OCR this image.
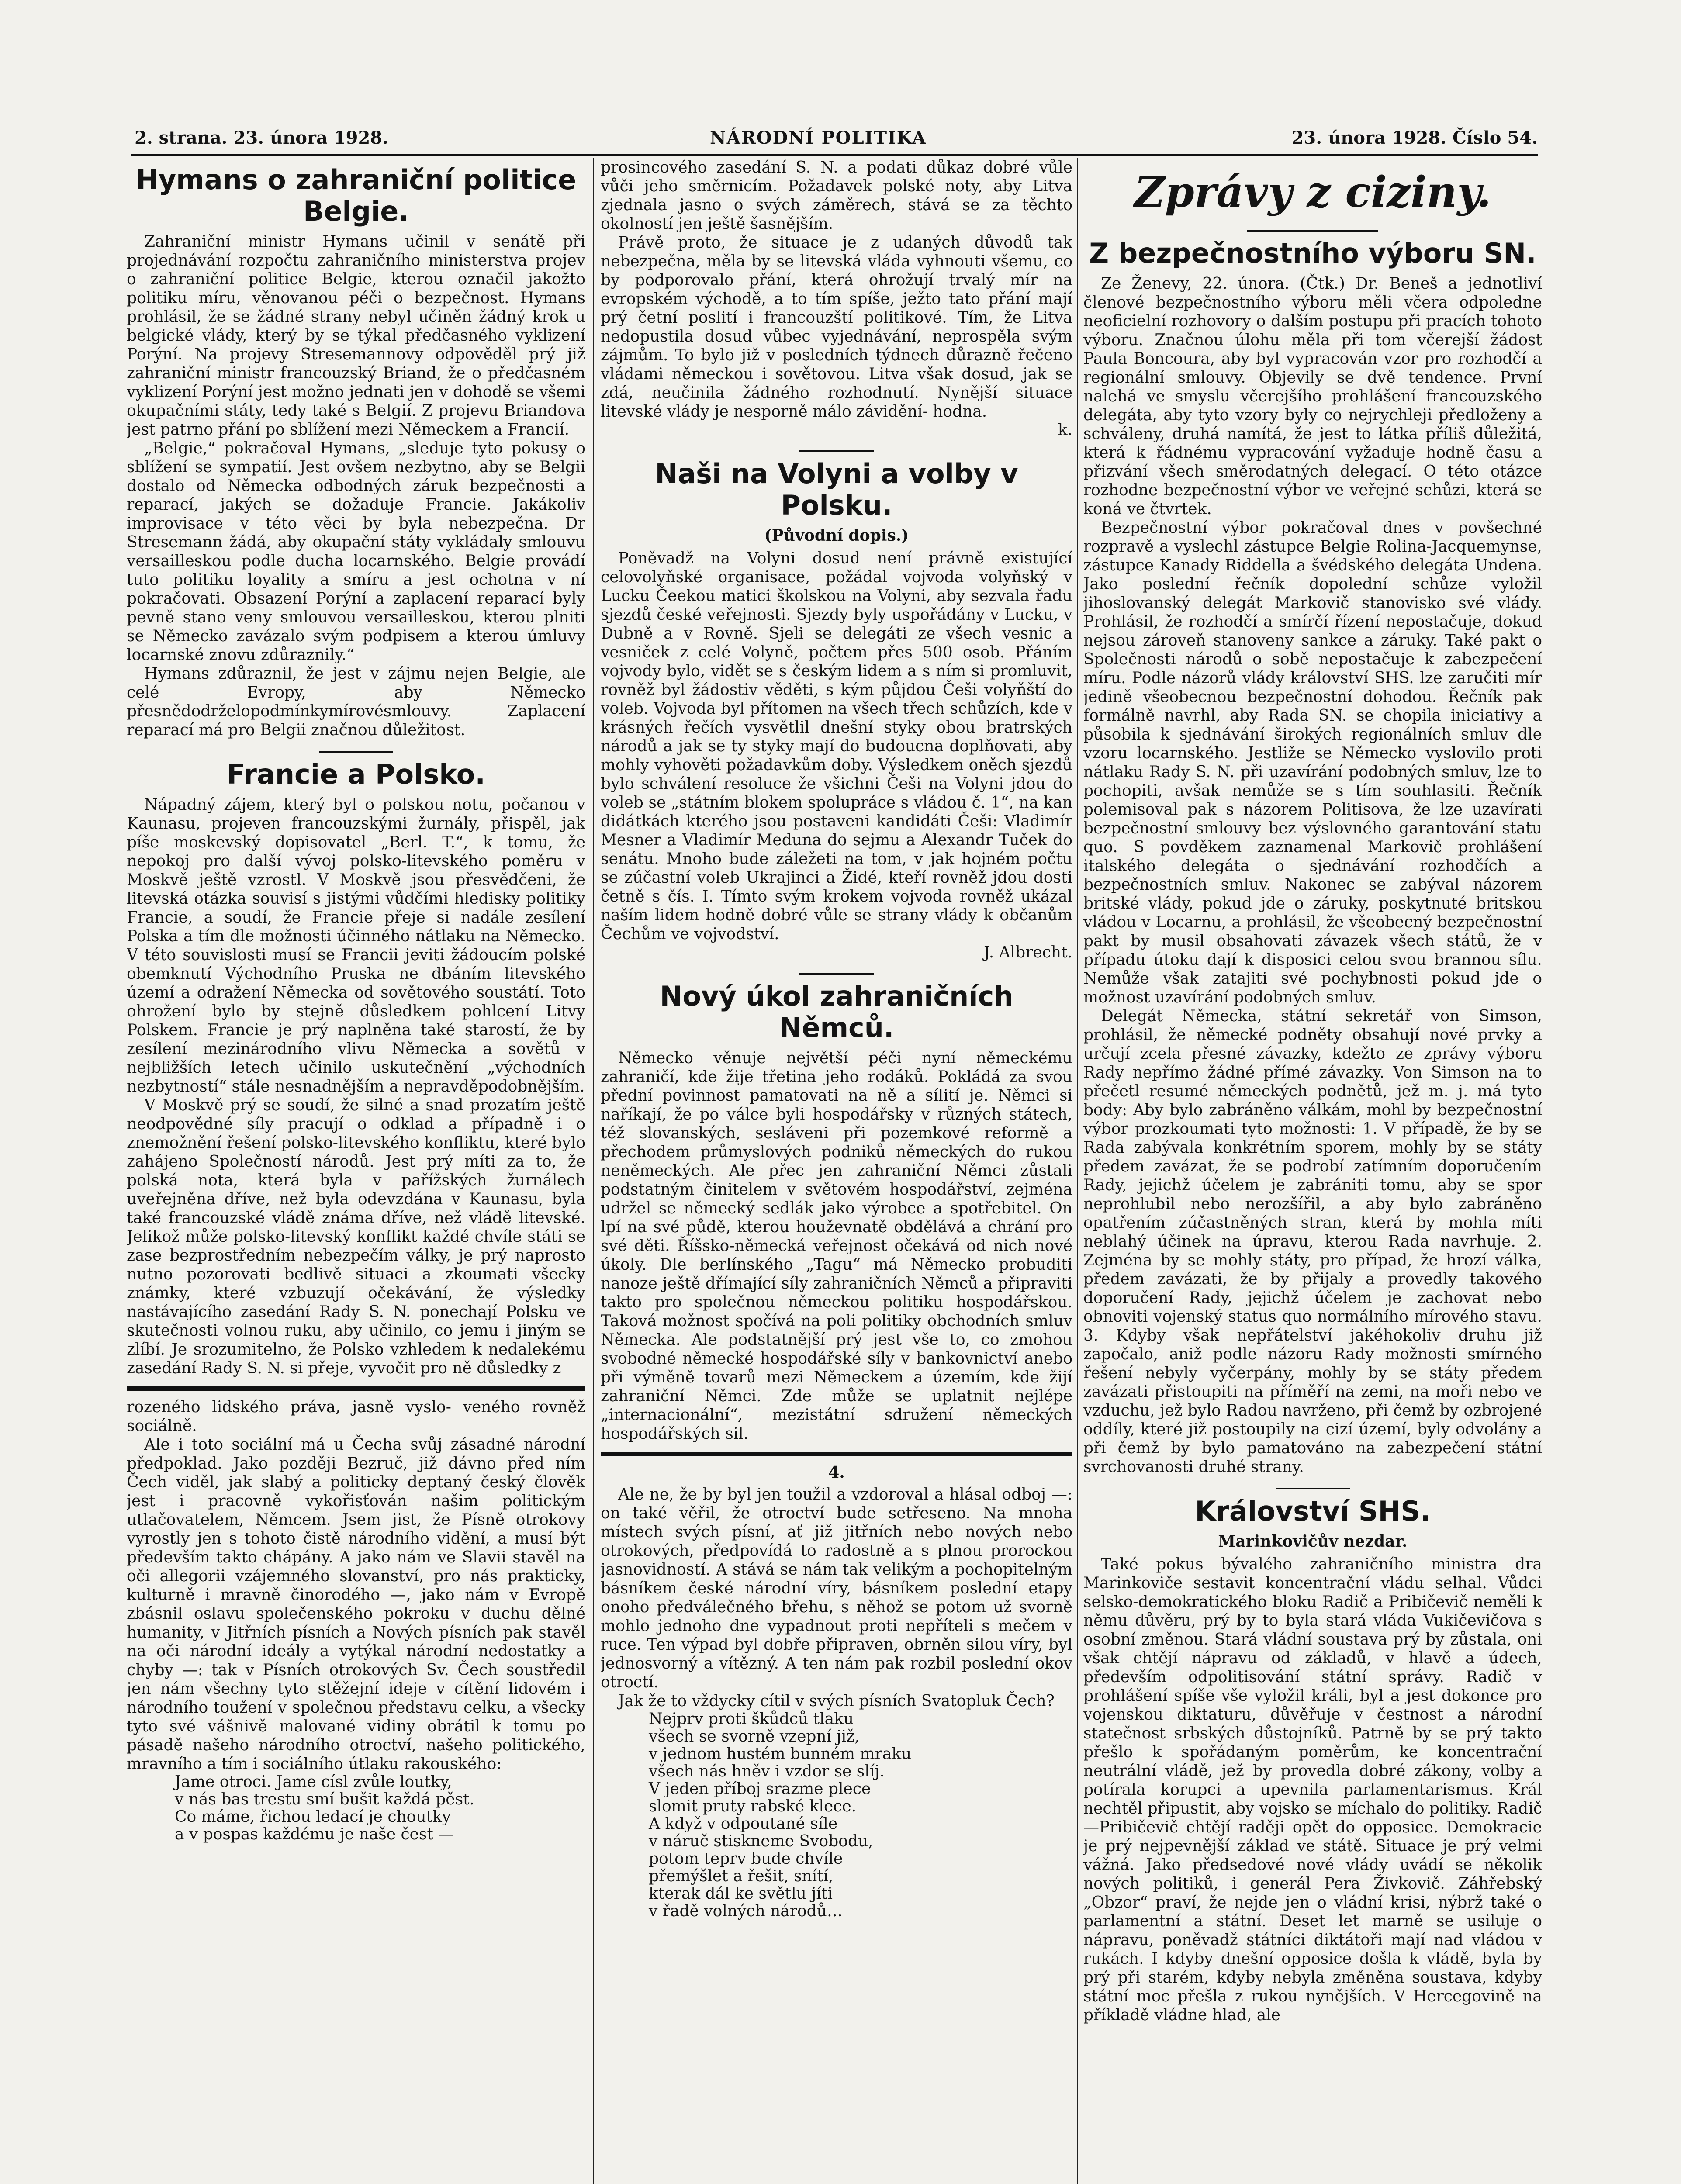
2. strana. 23. února 1928.	NÁRODNÍ POLITIKA	23. února 1928. Číslo 54.
Hymans o zahraniční politice Belgie.

Zahraniční ministr Hymans učinil v senátě při projednávání rozpočtu zahraničního ministerstva projev o zahraniční politice Belgie, kterou označil jakožto politiku míru, věnovanou péči o bezpečnost. Hymans prohlásil, že se žádné strany nebyl učiněn žádný krok u belgické vlády, který by se týkal předčasného vyklizení Porýní. Na projevy Stresemannovy odpověděl prý již zahraniční ministr francouzský Briand, že o předčasném vyklizení Porýní jest možno jednati jen v dohodě se všemi okupačními státy, tedy také s Belgií. Z projevu Briandova jest patrno přání po sblížení mezi Německem a Francií.

„Belgie,“ pokračoval Hymans, „sleduje tyto pokusy o sblížení se sympatií. Jest ovšem nezbytno, aby se Belgii dostalo od Německa odbodných záruk bezpečnosti a reparací, jakých se dožaduje Francie. Jakákoliv improvisace v této věci by byla nebezpečna. Dr Stresemann žádá, aby okupační státy vykládaly smlouvu versailleskou podle ducha locarnského. Belgie provádí tuto politiku loyality a smíru a jest ochotna v ní pokračovati. Obsazení Porýní a zaplacení reparací byly pevně stano veny smlouvou versailleskou, kterou plniti se Německo zavázalo svým podpisem a kterou úmluvy locarnské znovu zdůraznily.“

Hymans zdůraznil, že jest v zájmu nejen Belgie, ale celé Evropy, aby Německo přesnědodrželopodmínkymírovésmlouvy. Zaplacení reparací má pro Belgii značnou důležitost.

Francie a Polsko.

Nápadný zájem, který byl o polskou notu, počanou v Kaunasu, projeven francouzskými žurnály, přispěl, jak píše moskevský dopisovatel „Berl. T.“, k tomu, že nepokoj pro další vývoj polsko-litevského poměru v Moskvě ještě vzrostl. V Moskvě jsou přesvědčeni, že litevská otázka souvisí s jistými vůdčími hledisky politiky Francie, a soudí, že Francie přeje si nadále zesílení Polska a tím dle možnosti účinného nátlaku na Německo. V této souvislosti musí se Francii jeviti žádoucím polské obemknutí Východního Pruska ne dbáním litevského území a odražení Německa od sovětového soustátí. Toto ohrožení bylo by stejně důsledkem pohlcení Litvy Polskem. Francie je prý naplněna také starostí, že by zesílení mezinárodního vlivu Německa a sovětů v nejbližších letech učinilo uskutečnění „východních nezbytností“ stále nesnadnějším a nepravděpodobnějším.

V Moskvě prý se soudí, že silné a snad prozatím ještě neodpovědné síly pracují o odklad a případně i o znemožnění řešení polsko-litevského konfliktu, které bylo zahájeno Společností národů. Jest prý míti za to, že polská nota, která byla v pařížských žurnálech uveřejněna dříve, než byla odevzdána v Kaunasu, byla také francouzské vládě známa dříve, než vládě litevské. Jelikož může polsko-litevský konflikt každé chvíle státi se zase bezprostředním nebezpečím války, je prý naprosto nutno pozorovati bedlivě situaci a zkoumati všecky známky, které vzbuzují očekávání, že výsledky nastávajícího zasedání Rady S. N. ponechají Polsku ve skutečnosti volnou ruku, aby učinilo, co jemu i jiným se zlíbí. Je srozumitelno, že Polsko vzhledem k nedalekému zasedání Rady S. N. si přeje, vyvočit pro ně důsledky z

rozeného lidského práva, jasně vyslo- veného rovněž sociálně.

Ale i toto sociální má u Čecha svůj zásadné národní předpoklad. Jako později Bezruč, již dávno před ním Čech viděl, jak slabý a politicky deptaný český člověk jest i pracovně vykořisťován našim politickým utlačovatelem, Němcem. Jsem jist, že Písně otrokovy vyrostly jen s tohoto čistě národního vidění, a musí být především takto chápány. A jako nám ve Slavii stavěl na oči allegorii vzájemného slovanství, pro nás prakticky, kulturně i mravně činorodého —, jako nám v Evropě zbásnil oslavu společenského pokroku v duchu dělné humanity, v Jitřních písních a Nových písních pak stavěl na oči národní ideály a vytýkal národní nedostatky a chyby —: tak v Písních otrokových Sv. Čech soustředil jen nám všechny tyto stěžejní ideje v cítění lidovém i národního toužení v společnou představu celku, a všecky tyto své vášnivě malované vidiny obrátil k tomu po pásadě našeho národního otroctví, našeho politického, mravního a tím i sociálního útlaku rakouského:

Jame otroci. Jame císl zvůle loutky,

v nás bas trestu smí bušit každá pěst.

Co máme, řichou ledací je choutky

a v pospas každému je naše čest —

prosincového zasedání S. N. a podati důkaz dobré vůle vůči jeho směrnicím. Požadavek polské noty, aby Litva zjednala jasno o svých záměrech, stává se za těchto okolností jen ještě šasnějším.

Právě proto, že situace je z udaných důvodů tak nebezpečna, měla by se litevská vláda vyhnouti všemu, co by podporovalo přání, která ohrožují trvalý mír na evropském východě, a to tím spíše, ježto tato přání mají prý četní poslití i francouzští politikové. Tím, že Litva nedopustila dosud vůbec vyjednávání, neprospěla svým zájmům. To bylo již v posledních týdnech důrazně řečeno vládami německou i sovětovou. Litva však dosud, jak se zdá, neučinila žádného rozhodnutí. Nynější situace litevské vlády je nesporně málo závidění- hodna.

k.
Naši na Volyni a volby v Polsku.
(Původní dopis.)

Poněvadž na Volyni dosud není právně existující celovolyňské organisace, požádal vojvoda volyňský v Lucku Čeekou matici školskou na Volyni, aby sezvala řadu sjezdů české veřejnosti. Sjezdy byly uspořádány v Lucku, v Dubně a v Rovně. Sjeli se delegáti ze všech vesnic a vesniček z celé Volyně, počtem přes 500 osob. Přáním vojvody bylo, vidět se s českým lidem a s ním si promluvit, rovněž byl žádostiv věděti, s kým půjdou Češi volyňští do voleb. Vojvoda byl přítomen na všech třech schůzích, kde v krásných řečích vysvětlil dnešní styky obou bratrských národů a jak se ty styky mají do budoucna doplňovati, aby mohly vyhověti požadavkům doby. Výsledkem oněch sjezdů bylo schválení resoluce že všichni Češi na Volyni jdou do voleb se „státním blokem spolupráce s vládou č. 1“, na kan didátkách kterého jsou postaveni kandidáti Češi: Vladimír Mesner a Vladimír Meduna do sejmu a Alexandr Tuček do senátu. Mnoho bude záležeti na tom, v jak hojném počtu se zúčastní voleb Ukrajinci a Židé, kteří rovněž jdou dosti četně s čís. I. Tímto svým krokem vojvoda rovněž ukázal naším lidem hodně dobré vůle se strany vlády k občanům Čechům ve vojvodství.

J. Albrecht.
Nový úkol zahraničních Němců.

Německo věnuje největší péči nyní německému zahraničí, kde žije třetina jeho rodáků. Pokládá za svou přední povinnost pamatovati na ně a sílití je. Němci si naříkají, že po válce byli hospodářsky v různých státech, též slovanských, sesláveni při pozemkové reformě a přechodem průmyslových podniků německých do rukou neněmeckých. Ale přec jen zahraniční Němci zůstali podstatným činitelem v světovém hospodářství, zejména udržel se německý sedlák jako výrobce a spotřebitel. On lpí na své půdě, kterou houževnatě obdělává a chrání pro své děti. Říšsko-německá veřejnost očekává od nich nové úkoly. Dle berlínského „Tagu“ má Německo probuditi nanoze ještě dřímající síly zahraničních Němců a připraviti takto pro společnou německou politiku hospodářskou. Taková možnost spočívá na poli politiky obchodních smluv Německa. Ale podstatnější prý jest vše to, co zmohou svobodné německé hospodářské síly v bankovnictví anebo při výměně tovarů mezi Německem a územím, kde žijí zahraniční Němci. Zde může se uplatnit nejlépe „internacionální“, mezistátní sdružení německých hospodářských sil.

4.

Ale ne, že by byl jen toužil a vzdoroval a hlásal odboj —: on také věřil, že otroctví bude setřeseno. Na mnoha místech svých písní, ať již jitřních nebo nových nebo otrokových, předpovídá to radostně a s plnou prorockou jasnovidností. A stává se nám tak velikým a pochopitelným básníkem české národní víry, básníkem poslední etapy onoho předválečného břehu, s něhož se potom už svorně mohlo jednoho dne vypadnout proti nepříteli s mečem v ruce. Ten výpad byl dobře připraven, obrněn silou víry, byl jednosvorný a vítězný. A ten nám pak rozbil poslední okov otroctí.

Jak že to vždycky cítil v svých písních Svatopluk Čech?

Nejprv proti škůdců tlaku

všech se svorně vzepní již,

v jednom hustém bunném mraku

všech nás hněv i vzdor se slíj.

V jeden příboj srazme plece

slomit pruty rabské klece.

A když v odpoutané síle

v náruč stiskneme Svobodu,

potom teprv bude chvíle

přemýšlet a řešit, snítí,

kterak dál ke světlu jíti

v řadě volných národů…

Zprávy z ciziny.
Z bezpečnostního výboru SN.

Ze Ženevy, 22. února. (Čtk.) Dr. Beneš a jednotliví členové bezpečnostního výboru měli včera odpoledne neoficielní rozhovory o dalším postupu při pracích tohoto výboru. Značnou úlohu měla při tom včerejší žádost Paula Boncoura, aby byl vypracován vzor pro rozhodčí a regionální smlouvy. Objevily se dvě tendence. První nalehá ve smyslu včerejšího prohlášení francouzského delegáta, aby tyto vzory byly co nejrychleji předloženy a schváleny, druhá namítá, že jest to látka příliš důležitá, která k řádnému vypracování vyžaduje hodně času a přizvání všech směrodatných delegací. O této otázce rozhodne bezpečnostní výbor ve veřejné schůzi, která se koná ve čtvrtek.

Bezpečnostní výbor pokračoval dnes v povšechné rozpravě a vyslechl zástupce Belgie Rolina-Jacquemynse, zástupce Kanady Riddella a švédského delegáta Undena. Jako poslední řečník dopolední schůze vyložil jihoslovanský delegát Markovič stanovisko své vlády. Prohlásil, že rozhodčí a smírčí řízení nepostačuje, dokud nejsou zároveň stanoveny sankce a záruky. Také pakt o Společnosti národů o sobě nepostačuje k zabezpečení míru. Podle názorů vlády království SHS. lze zaručiti mír jedině všeobecnou bezpečnostní dohodou. Řečník pak formálně navrhl, aby Rada SN. se chopila iniciativy a působila k sjednávání širokých regionálních smluv dle vzoru locarnského. Jestliže se Německo vyslovilo proti nátlaku Rady S. N. při uzavírání podobných smluv, lze to pochopiti, avšak nemůže se s tím souhlasiti. Řečník polemisoval pak s názorem Politisova, že lze uzavírati bezpečnostní smlouvy bez výslovného garantování statu quo. S povděkem zaznamenal Markovič prohlášení italského delegáta o sjednávání rozhodčích a bezpečnostních smluv. Nakonec se zabýval názorem britské vlády, pokud jde o záruky, poskytnuté britskou vládou v Locarnu, a prohlásil, že všeobecný bezpečnostní pakt by musil obsahovati závazek všech států, že v případu útoku dají k disposici celou svou brannou sílu. Nemůže však zatajiti své pochybnosti pokud jde o možnost uzavírání podobných smluv.

Delegát Německa, státní sekretář von Simson, prohlásil, že německé podněty obsahují nové prvky a určují zcela přesné závazky, kdežto ze zprávy výboru Rady nepřímo žádné přímé závazky. Von Simson na to přečetl resumé německých podnětů, jež m. j. má tyto body: Aby bylo zabráněno válkám, mohl by bezpečnostní výbor prozkoumati tyto možnosti: 1. V případě, že by se Rada zabývala konkrétním sporem, mohly by se státy předem zavázat, že se podrobí zatímním doporučením Rady, jejichž účelem je zabrániti tomu, aby se spor neprohlubil nebo nerozšířil, a aby bylo zabráněno opatřením zúčastněných stran, která by mohla míti neblahý účinek na úpravu, kterou Rada navrhuje. 2. Zejména by se mohly státy, pro případ, že hrozí válka, předem zavázati, že by přijaly a provedly takového doporučení Rady, jejichž účelem je zachovat nebo obnoviti vojenský status quo normálního mírového stavu. 3. Kdyby však nepřátelství jakéhokoliv druhu již započalo, aniž podle názoru Rady možnosti smírného řešení nebyly vyčerpány, mohly by se státy předem zavázati přistoupiti na příměří na zemi, na moři nebo ve vzduchu, jež bylo Radou navrženo, při čemž by ozbrojené oddíly, které již postoupily na cizí území, byly odvolány a při čemž by bylo pamatováno na zabezpečení státní svrchovanosti druhé strany.

Království SHS.
Marinkovičův nezdar.

Také pokus bývalého zahraničního ministra dra Marinkoviče sestavit koncentrační vládu selhal. Vůdci selsko-demokratického bloku Radič a Pribičevič neměli k němu důvěru, prý by to byla stará vláda Vukičevičova s osobní změnou. Stará vládní soustava prý by zůstala, oni však chtějí nápravu od základů, v hlavě a údech, především odpolitisování státní správy. Radič v prohlášení spíše vše vyložil králi, byl a jest dokonce pro vojenskou diktaturu, důvěřuje v čestnost a národní statečnost srbských důstojníků. Patrně by se prý takto přešlo k spořádaným poměrům, ke koncentrační neutrální vládě, jež by provedla dobré zákony, volby a potírala korupci a upevnila parlamentarismus. Král nechtěl připustit, aby vojsko se míchalo do politiky. Radič—Pribičevič chtějí raději opět do opposice. Demokracie je prý nejpevnější základ ve státě. Situace je prý velmi vážná. Jako předsedové nové vlády uvádí se několik nových politiků, i generál Pera Živkovič. Záhřebský „Obzor“ praví, že nejde jen o vládní krisi, nýbrž také o parlamentní a státní. Deset let marně se usiluje o nápravu, poněvadž státníci diktátoři mají nad vládou v rukách. I kdyby dnešní opposice došla k vládě, byla by prý při starém, kdyby nebyla změněna soustava, kdyby státní moc přešla z rukou nynějších. V Hercegovině na příkladě vládne hlad, ale
